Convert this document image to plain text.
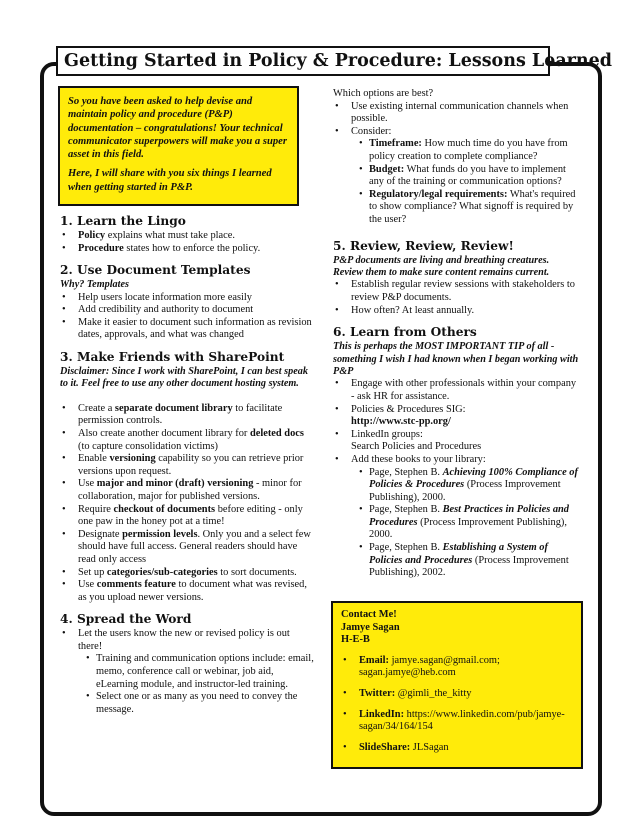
Getting Started in Policy & Procedure: Lessons Learned

So you have been asked to help devise and maintain policy and procedure (P&P) documentation – congratulations! Your technical communicator superpowers will make you a super asset in this field.

Here, I will share with you six things I learned when getting started in P&P.

1. Learn the Lingo
• Policy explains what must take place.
• Procedure states how to enforce the policy.
2. Use Document Templates
Why? Templates
• Help users locate information more easily
• Add credibility and authority to document
• Make it easier to document such information as revision dates, approvals, and what was changed
3. Make Friends with SharePoint
Disclaimer: Since I work with SharePoint, I can best speak to it. Feel free to use any other document hosting system.
• Create a separate document library to facilitate permission controls.
• Also create another document library for deleted docs (to capture consolidation victims)
• Enable versioning capability so you can retrieve prior versions upon request.
• Use major and minor (draft) versioning - minor for collaboration, major for published versions.
• Require checkout of documents before editing - only one paw in the honey pot at a time!
• Designate permission levels. Only you and a select few should have full access. General readers should have read only access
• Set up categories/sub-categories to sort documents.
• Use comments feature to document what was revised, as you upload newer versions.
4. Spread the Word
• Let the users know the new or revised policy is out there!
• Training and communication options include: email, memo, conference call or webinar, job aid, eLearning module, and instructor-led training.
• Select one or as many as you need to convey the message.
Which options are best?
• Use existing internal communication channels when possible.
• Consider:
• Timeframe: How much time do you have from policy creation to complete compliance?
• Budget: What funds do you have to implement any of the training or communication options?
• Regulatory/legal requirements: What's required to show compliance? What signoff is required by the user?
5. Review, Review, Review!
P&P documents are living and breathing creatures. Review them to make sure content remains current.
• Establish regular review sessions with stakeholders to review P&P documents.
• How often? At least annually.
6. Learn from Others
This is perhaps the MOST IMPORTANT TIP of all - something I wish I had known when I began working with P&P
• Engage with other professionals within your company - ask HR for assistance.
• Policies & Procedures SIG:
http://www.stc-pp.org/
• LinkedIn groups:
Search Policies and Procedures
• Add these books to your library:
• Page, Stephen B. Achieving 100% Compliance of Policies & Procedures (Process Improvement Publishing), 2000.
• Page, Stephen B. Best Practices in Policies and Procedures (Process Improvement Publishing), 2000.
• Page, Stephen B. Establishing a System of Policies and Procedures (Process Improvement Publishing), 2002.
Contact Me!
Jamye Sagan
H-E-B
• Email: jamye.sagan@gmail.com; sagan.jamye@heb.com
• Twitter: @gimli_the_kitty
• LinkedIn: https://www.linkedin.com/pub/jamye-sagan/34/164/154
• SlideShare: JLSagan
